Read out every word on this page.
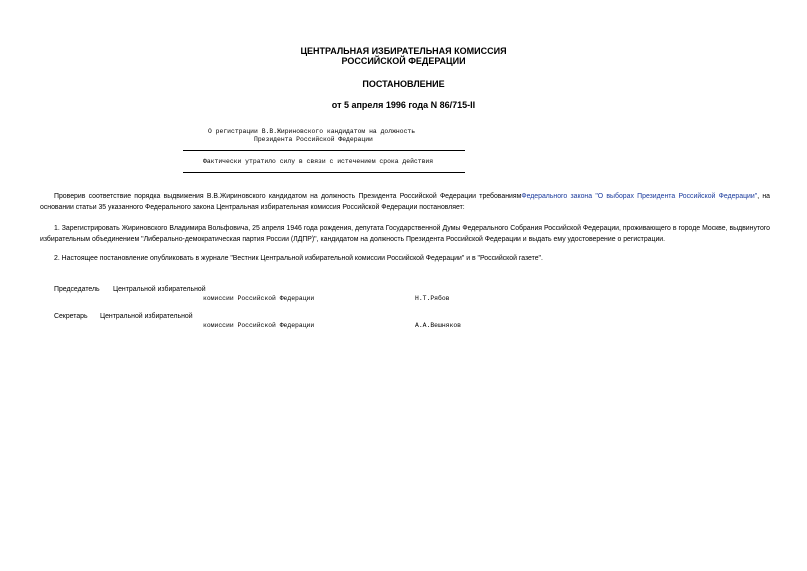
ЦЕНТРАЛЬНАЯ ИЗБИРАТЕЛЬНАЯ КОМИССИЯ
РОССИЙСКОЙ ФЕДЕРАЦИИ
ПОСТАНОВЛЕНИЕ
от 5 апреля 1996 года N 86/715-II
О регистрации В.В.Жириновского кандидатом на должность
Президента Российской Федерации
Фактически утратило силу в связи с истечением срока действия
Проверив соответствие порядка выдвижения В.В.Жириновского кандидатом на должность Президента Российской Федерации требованиямФедерального закона "О выборах Президента Российской Федерации", на основании статьи 35 указанного Федерального закона Центральная избирательная комиссия Российской Федерации постановляет:
1. Зарегистрировать Жириновского Владимира Вольфовича, 25 апреля 1946 года рождения, депутата Государственной Думы Федерального Собрания Российской Федерации, проживающего в городе Москве, выдвинутого избирательным объединением "Либерально-демократическая партия России (ЛДПР)", кандидатом на должность Президента Российской Федерации и выдать ему удостоверение о регистрации.
2. Настоящее постановление опубликовать в журнале "Вестник Центральной избирательной комиссии Российской Федерации" и в "Российской газете".
Председатель Центральной избирательной
комиссии Российской Федерации	Н.Т.Рябов
Секретарь Центральной избирательной
комиссии Российской Федерации	А.А.Вешняков
